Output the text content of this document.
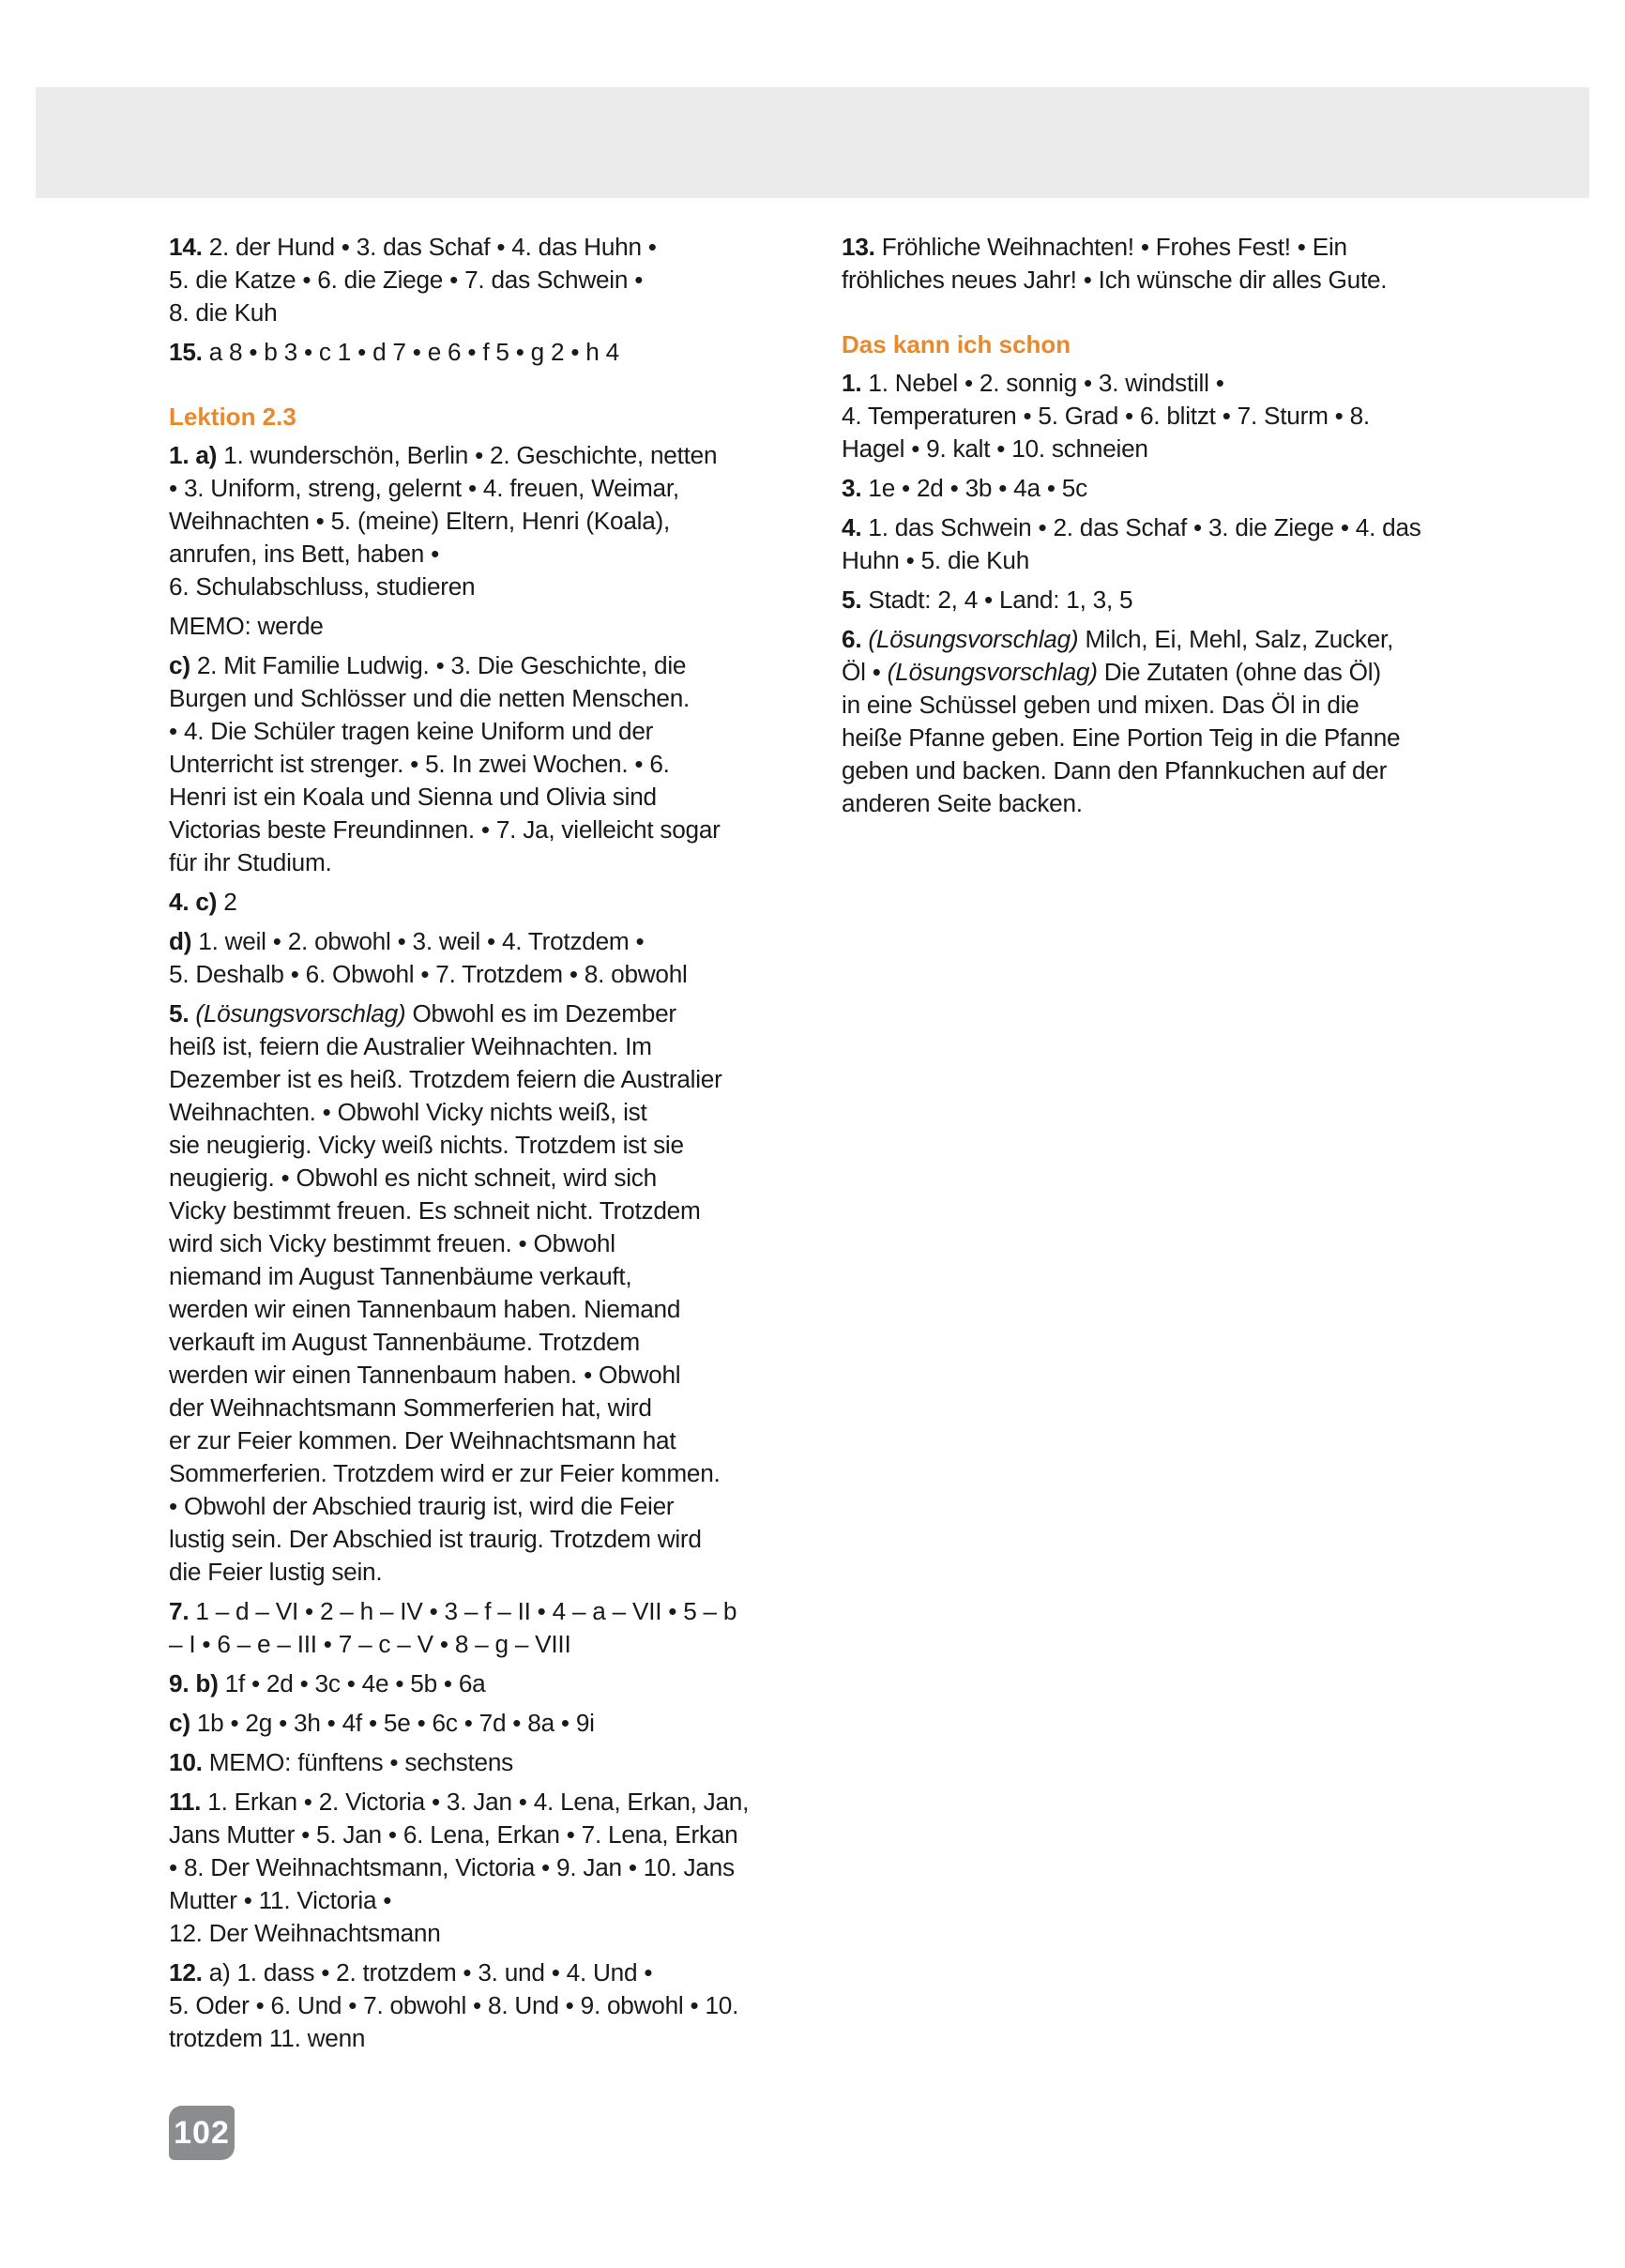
14. 2. der Hund • 3. das Schaf • 4. das Huhn •
5. die Katze • 6. die Ziege • 7. das Schwein •
8. die Kuh

15. a 8 • b 3 • c 1 • d 7 • e 6 • f 5 • g 2 • h 4

Lektion 2.3

1. a) 1. wunderschön, Berlin • 2. Geschichte, netten
• 3. Uniform, streng, gelernt • 4. freuen, Weimar,
Weihnachten • 5. (meine) Eltern, Henri (Koala),
anrufen, ins Bett, haben •
6. Schulabschluss, studieren

MEMO: werde

c) 2. Mit Familie Ludwig. • 3. Die Geschichte, die
Burgen und Schlösser und die netten Menschen.
• 4. Die Schüler tragen keine Uniform und der
Unterricht ist strenger. • 5. In zwei Wochen. • 6.
Henri ist ein Koala und Sienna und Olivia sind
Victorias beste Freundinnen. • 7. Ja, vielleicht sogar
für ihr Studium.

4. c) 2

d) 1. weil • 2. obwohl • 3. weil • 4. Trotzdem •
5. Deshalb • 6. Obwohl • 7. Trotzdem • 8. obwohl

5. (Lösungsvorschlag) Obwohl es im Dezember
heiß ist, feiern die Australier Weihnachten. Im
Dezember ist es heiß. Trotzdem feiern die Australier
Weihnachten. • Obwohl Vicky nichts weiß, ist
sie neugierig. Vicky weiß nichts. Trotzdem ist sie
neugierig. • Obwohl es nicht schneit, wird sich
Vicky bestimmt freuen. Es schneit nicht. Trotzdem
wird sich Vicky bestimmt freuen. • Obwohl
niemand im August Tannenbäume verkauft,
werden wir einen Tannenbaum haben. Niemand
verkauft im August Tannenbäume. Trotzdem
werden wir einen Tannenbaum haben. • Obwohl
der Weihnachtsmann Sommerferien hat, wird
er zur Feier kommen. Der Weihnachtsmann hat
Sommerferien. Trotzdem wird er zur Feier kommen.
• Obwohl der Abschied traurig ist, wird die Feier
lustig sein. Der Abschied ist traurig. Trotzdem wird
die Feier lustig sein.

7. 1 – d – VI • 2 – h – IV • 3 – f – II • 4 – a – VII • 5 – b
– I • 6 – e – III • 7 – c – V • 8 – g – VIII

9. b) 1f • 2d • 3c • 4e • 5b • 6a

c) 1b • 2g • 3h • 4f • 5e • 6c • 7d • 8a • 9i

10. MEMO: fünftens • sechstens

11. 1. Erkan • 2. Victoria • 3. Jan • 4. Lena, Erkan, Jan,
Jans Mutter • 5. Jan • 6. Lena, Erkan • 7. Lena, Erkan
• 8. Der Weihnachtsmann, Victoria • 9. Jan • 10. Jans
Mutter • 11. Victoria •
12. Der Weihnachtsmann

12. a) 1. dass • 2. trotzdem • 3. und • 4. Und •
5. Oder • 6. Und • 7. obwohl • 8. Und • 9. obwohl • 10.
trotzdem 11. wenn

13. Fröhliche Weihnachten! • Frohes Fest! • Ein
fröhliches neues Jahr! • Ich wünsche dir alles Gute.

Das kann ich schon

1. 1. Nebel • 2. sonnig • 3. windstill •
4. Temperaturen • 5. Grad • 6. blitzt • 7. Sturm • 8.
Hagel • 9. kalt • 10. schneien

3. 1e • 2d • 3b • 4a • 5c

4. 1. das Schwein • 2. das Schaf • 3. die Ziege • 4. das
Huhn • 5. die Kuh

5. Stadt: 2, 4 • Land: 1, 3, 5

6. (Lösungsvorschlag) Milch, Ei, Mehl, Salz, Zucker,
Öl • (Lösungsvorschlag) Die Zutaten (ohne das Öl)
in eine Schüssel geben und mixen. Das Öl in die
heiße Pfanne geben. Eine Portion Teig in die Pfanne
geben und backen. Dann den Pfannkuchen auf der
anderen Seite backen.

102
